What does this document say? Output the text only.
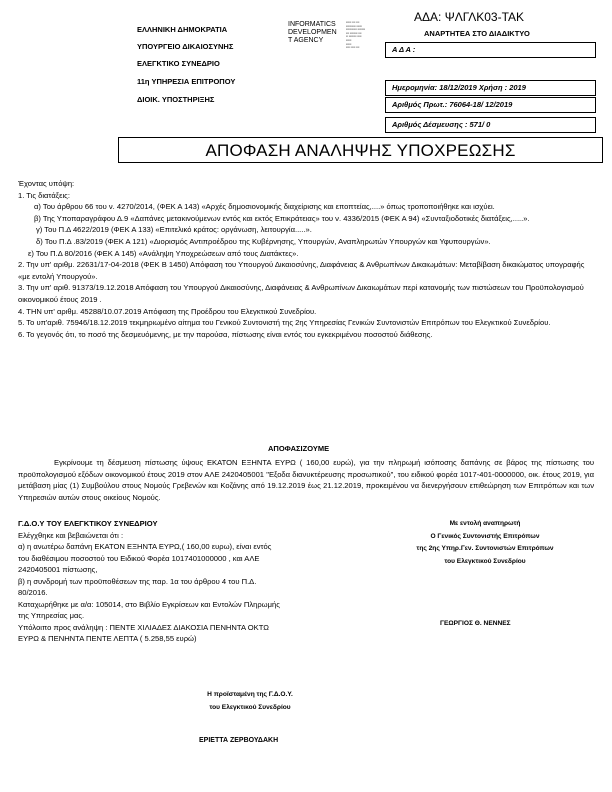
ΕΛΛΗΝΙΚΗ ΔΗΜΟΚΡΑΤΙΑ
ΥΠΟΥΡΓΕΙΟ ΔΙΚΑΙΟΣΥΝΗΣ
ΕΛΕΓΚΤΙΚΟ ΣΥΝΕΔΡΙΟ
11η ΥΠΗΡΕΣΙΑ ΕΠΙΤΡΟΠΟΥ
ΔΙΟΙΚ. ΥΠΟΣΤΗΡΙΞΗΣ
INFORMATICS
DEVELOPMEN
T AGENCY
▪▪▪▪▪ ▪▪▪ ▪▪▪
▪▪▪▪▪▪▪▪▪ ▪▪▪▪▪
▪▪▪▪▪▪▪▪▪▪ ▪▪▪▪▪▪▪
▪▪▪ ▪▪▪▪▪▪▪ ▪▪▪
▪▪ ▪▪▪▪▪▪▪ ▪▪▪▪
▪▪▪▪▪
▪▪▪▪▪
▪▪▪▪ ▪▪▪▪ ▪▪▪
ΑΔΑ: ΨΛΓΛΚ03-ΤΑΚ
ΑΝΑΡΤΗΤΕΑ ΣΤΟ ΔΙΑΔΙΚΤΥΟ
Α Δ Α :
Ημερομηνία: 18/12/2019 Χρήση : 2019
Αριθμός Πρωτ.: 76064-18/ 12/2019
Αριθμός Δέσμευσης : 571/ 0
ΑΠΟΦΑΣΗ ΑΝΑΛΗΨΗΣ ΥΠΟΧΡΕΩΣΗΣ

Έχοντας υπόψη:

1. Τις διατάξεις:

α) Του άρθρου 66 του ν. 4270/2014, (ΦΕΚ Α 143) «Αρχές δημοσιονομικής διαχείρισης και εποπτείας,....» όπως τροποποιήθηκε και ισχύει.

β) Της Υποπαραγράφου Δ.9 «Δαπάνες μετακινούμενων εντός και εκτός Επικράτειας» του ν. 4336/2015 (ΦΕΚ Α 94) «Συνταξιοδοτικές διατάξεις,.....».

γ) Του Π.Δ 4622/2019 (ΦΕΚ Α 133) «Επιτελικό κράτος: οργάνωση, λειτουργία.....».

δ) Του Π.Δ .83/2019 (ΦΕΚ Α 121) «Διορισμός Αντιπροέδρου της Κυβέρνησης, Υπουργών, Αναπληρωτών Υπουργών και Υφυπουργών».

ε) Του Π.Δ 80/2016 (ΦΕΚ Α 145) «Ανάληψη Υποχρεώσεων από τους Διατάκτες».

2. Την υπ' αριθμ. 22631/17-04-2018 (ΦΕΚ Β 1450) Απόφαση του Υπουργού Δικαιοσύνης, Διαφάνειας & Ανθρωπίνων Δικαιωμάτων: Μεταβίβαση δικαιώματος υπογραφής «με εντολή Υπουργού».

3. Την υπ' αριθ. 91373/19.12.2018 Απόφαση του Υπουργού Δικαιοσύνης, Διαφάνειας & Ανθρωπίνων Δικαιωμάτων περί κατανομής των πιστώσεων του Προϋπολογισμού οικονομικού έτους 2019 .

4. ΤΗΝ υπ' αριθμ. 45288/10.07.2019 Απόφαση της Προέδρου του Ελεγκτικού Συνεδρίου.

5. Το υπ'αριθ. 75946/18.12.2019 τεκμηριωμένο αίτημα του Γενικού Συντονιστή της 2ης Υπηρεσίας Γενικών Συντονιστών Επιτρόπων του Ελεγκτικού Συνεδρίου.

6. Το γεγονός ότι, το ποσό της δεσμευόμενης, με την παρούσα, πίστωσης είναι εντός του εγκεκριμένου ποσοστού διάθεσης.

ΑΠΟΦΑΣΙΖΟΥΜΕ

Εγκρίνουμε τη δέσμευση πίστωσης ύψους ΕΚΑΤΟΝ ΕΞΗΝΤΑ ΕΥΡΩ ( 160,00 ευρώ), για την πληρωμή ισόποσης δαπάνης σε βάρος της πίστωσης του προϋπολογισμού εξόδων οικονομικού έτους 2019 στον ΑΛΕ 2420405001 "Εξοδα διανυκτέρευσης προσωπικού", του ειδικού φορέα 1017-401-0000000, οικ. έτους 2019, για μετάβαση μίας (1) Συμβούλου στους Νομούς Γρεβενών και Κοζάνης από 19.12.2019 έως 21.12.2019, προκειμένου να διενεργήσουν επιθεώρηση των Επιτρόπων και των Υπηρεσιών αυτών στους οικείους Νομούς.

Γ.Δ.Ο.Υ ΤΟΥ ΕΛΕΓΚΤΙΚΟΥ ΣΥΝΕΔΡΙΟΥ

Ελέγχθηκε και βεβαιώνεται ότι :

α) η ανωτέρω δαπάνη ΕΚΑΤΟΝ ΕΞΗΝΤΑ ΕΥΡΩ,( 160,00 ευρω), είναι εντός του διαθέσιμου ποσοστού του Ειδικού Φορέα 1017401000000 , και ΑΛΕ 2420405001 πίστωσης,

β) η συνδρομή των προϋποθέσεων της παρ. 1α του άρθρου 4 του Π.Δ. 80/2016.

Καταχωρήθηκε με α/α: 105014, στο Βιβλίο Εγκρίσεων και Εντολών Πληρωμής της Υπηρεσίας μας.

Υπόλοιπο προς ανάληψη : ΠΕΝΤΕ ΧΙΛΙΑΔΕΣ ΔΙΑΚΟΣΙΑ ΠΕΝΗΝΤΑ ΟΚΤΩ ΕΥΡΩ & ΠΕΝΗΝΤΑ ΠΕΝΤΕ ΛΕΠΤΑ ( 5.258,55 ευρώ)

Με εντολή αναπηρωτή
Ο Γενικός Συντονιστής Επιτρόπων
της 2ης Υπηρ.Γεν. Συντονιστών Επιτρόπων
του Ελεγκτικού Συνεδρίου
ΓΕΩΡΓΙΟΣ Θ. ΝΕΝΝΕΣ
Η προϊσταμένη της Γ.Δ.Ο.Υ.
του Ελεγκτικού Συνεδρίου
ΕΡΙΕΤΤΑ ΖΕΡΒΟΥΔΑΚΗ
